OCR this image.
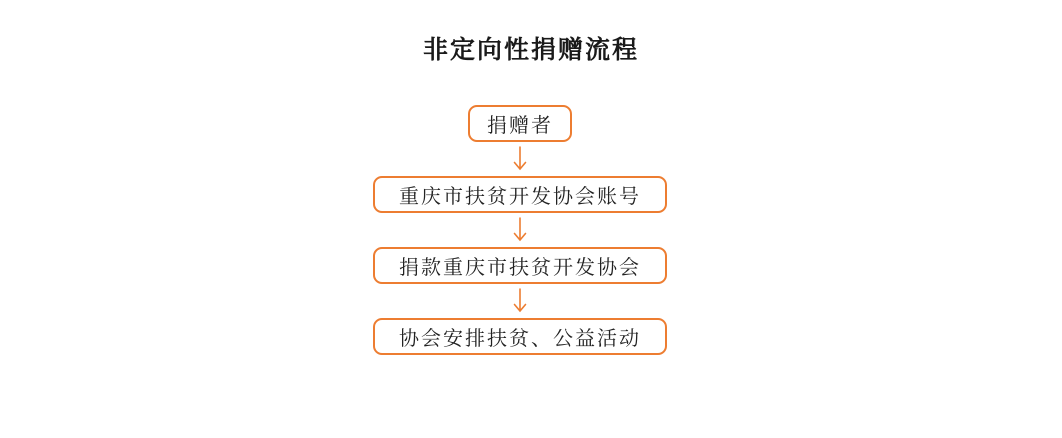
非定向性捐赠流程
捐赠者
重庆市扶贫开发协会账号
捐款重庆市扶贫开发协会
协会安排扶贫、公益活动
